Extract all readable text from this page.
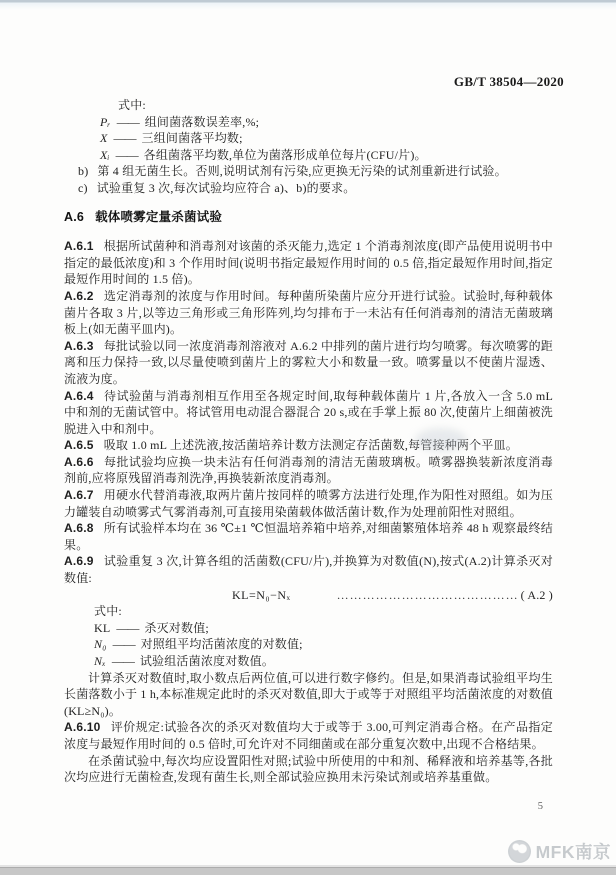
GB/T 38504—2020
式中:
Pᵣ —— 组间菌落数误差率,%;
X —— 三组间菌落平均数;
Xᵢ —— 各组菌落平均数,单位为菌落形成单位每片(CFU/片)。
b) 第 4 组无菌生长。否则,说明试剂有污染,应更换无污染的试剂重新进行试验。
c) 试验重复 3 次,每次试验均应符合 a)、b)的要求。
A.6 载体喷雾定量杀菌试验

A.6.1 根据所试菌种和消毒剂对该菌的杀灭能力,选定 1 个消毒剂浓度(即产品使用说明书中指定的最低浓度)和 3 个作用时间(说明书指定最短作用时间的 0.5 倍,指定最短作用时间,指定最短作用时间的 1.5 倍)。

A.6.2 选定消毒剂的浓度与作用时间。每种菌所染菌片应分开进行试验。试验时,每种载体菌片各取 3 片,以等边三角形或三角形阵列,均匀排布于一未沾有任何消毒剂的清洁无菌玻璃板上(如无菌平皿内)。

A.6.3 每批试验以同一浓度消毒剂溶液对 A.6.2 中排列的菌片进行均匀喷雾。每次喷雾的距离和压力保持一致,以尽量使喷到菌片上的雾粒大小和数量一致。喷雾量以不使菌片湿透、流液为度。

A.6.4 待试验菌与消毒剂相互作用至各规定时间,取每种载体菌片 1 片,各放入一含 5.0 mL 中和剂的无菌试管中。将试管用电动混合器混合 20 s,或在手掌上振 80 次,使菌片上细菌被洗脱进入中和剂中。

A.6.5 吸取 1.0 mL 上述洗液,按活菌培养计数方法测定存活菌数,每管接种两个平皿。

A.6.6 每批试验均应换一块未沾有任何消毒剂的清洁无菌玻璃板。喷雾器换装新浓度消毒剂前,应将原残留消毒剂洗净,再换装新浓度消毒剂。

A.6.7 用硬水代替消毒液,取两片菌片按同样的喷雾方法进行处理,作为阳性对照组。如为压力罐装自动喷雾式气雾消毒剂,可直接用染菌载体做活菌计数,作为处理前阳性对照组。

A.6.8 所有试验样本均在 36 ℃±1 ℃恒温培养箱中培养,对细菌繁殖体培养 48 h 观察最终结果。

A.6.9 试验重复 3 次,计算各组的活菌数(CFU/片),并换算为对数值(N),按式(A.2)计算杀灭对数值:

KL=N₀−Nₓ	…………………………………… ( A.2 )
式中:
KL —— 杀灭对数值;
N₀ —— 对照组平均活菌浓度的对数值;
Nₓ —— 试验组活菌浓度对数值。

计算杀灭对数值时,取小数点后两位值,可以进行数字修约。但是,如果消毒试验组平均生长菌落数小于 1 h,本标准规定此时的杀灭对数值,即大于或等于对照组平均活菌浓度的对数值(KL≥N₀)。

A.6.10 评价规定:试验各次的杀灭对数值均大于或等于 3.00,可判定消毒合格。在产品指定浓度与最短作用时间的 0.5 倍时,可允许对不同细菌或在部分重复次数中,出现不合格结果。

在杀菌试验中,每次均应设置阳性对照;试验中所使用的中和剂、稀释液和培养基等,各批次均应进行无菌检查,发现有菌生长,则全部试验应换用未污染试剂或培养基重做。

5
MFK南京
